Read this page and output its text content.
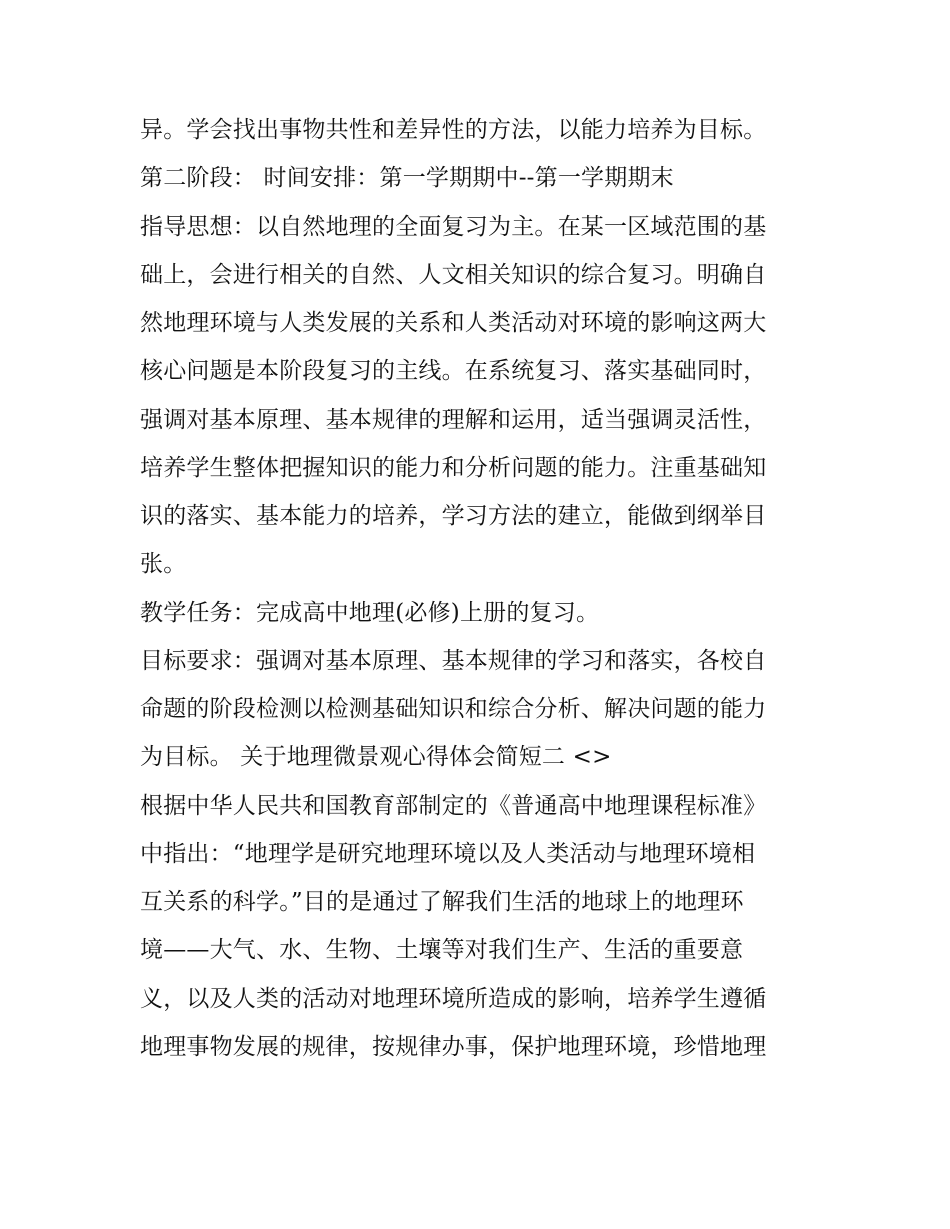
异。学会找出事物共性和差异性的方法，以能力培养为目标。
第二阶段： 时间安排：第一学期期中--第一学期期末
指导思想：以自然地理的全面复习为主。在某一区域范围的基
础上，会进行相关的自然、人文相关知识的综合复习。明确自
然地理环境与人类发展的关系和人类活动对环境的影响这两大
核心问题是本阶段复习的主线。在系统复习、落实基础同时，
强调对基本原理、基本规律的理解和运用，适当强调灵活性，
培养学生整体把握知识的能力和分析问题的能力。注重基础知
识的落实、基本能力的培养，学习方法的建立，能做到纲举目
张。
教学任务：完成高中地理(必修)上册的复习。
目标要求：强调对基本原理、基本规律的学习和落实，各校自
命题的阶段检测以检测基础知识和综合分析、解决问题的能力
为目标。 关于地理微景观心得体会简短二 <>
根据中华人民共和国教育部制定的《普通高中地理课程标准》
中指出：“地理学是研究地理环境以及人类活动与地理环境相
互关系的科学。”目的是通过了解我们生活的地球上的地理环
境——大气、水、生物、土壤等对我们生产、生活的重要意
义，以及人类的活动对地理环境所造成的影响，培养学生遵循
地理事物发展的规律，按规律办事，保护地理环境，珍惜地理
